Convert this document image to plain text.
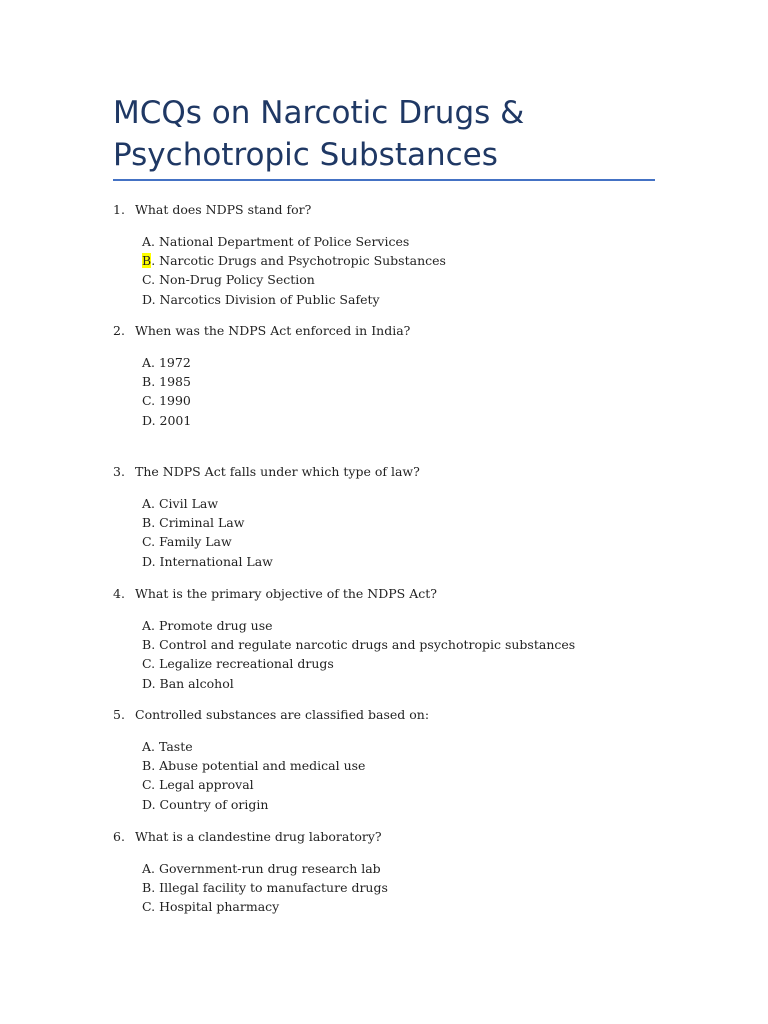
MCQs on Narcotic Drugs & Psychotropic Substances
1. What does NDPS stand for?
A. National Department of Police Services
B. Narcotic Drugs and Psychotropic Substances
C. Non-Drug Policy Section
D. Narcotics Division of Public Safety
2. When was the NDPS Act enforced in India?
A. 1972
B. 1985
C. 1990
D. 2001
3. The NDPS Act falls under which type of law?
A. Civil Law
B. Criminal Law
C. Family Law
D. International Law
4. What is the primary objective of the NDPS Act?
A. Promote drug use
B. Control and regulate narcotic drugs and psychotropic substances
C. Legalize recreational drugs
D. Ban alcohol
5. Controlled substances are classified based on:
A. Taste
B. Abuse potential and medical use
C. Legal approval
D. Country of origin
6. What is a clandestine drug laboratory?
A. Government-run drug research lab
B. Illegal facility to manufacture drugs
C. Hospital pharmacy
